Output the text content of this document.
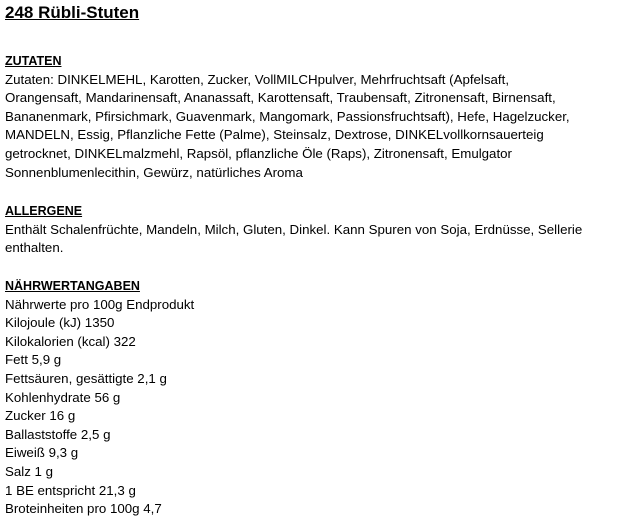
248 Rübli-Stuten
ZUTATEN
Zutaten: DINKELMEHL, Karotten, Zucker, VollMILCHpulver, Mehrfruchtsaft (Apfelsaft,
Orangensaft, Mandarinensaft, Ananassaft, Karottensaft, Traubensaft, Zitronensaft, Birnensaft,
Bananenmark, Pfirsichmark, Guavenmark, Mangomark, Passionsfruchtsaft), Hefe, Hagelzucker,
MANDELN, Essig, Pflanzliche Fette (Palme), Steinsalz, Dextrose, DINKELvollkornsauerteig
getrocknet, DINKELmalzmehl, Rapsöl, pflanzliche Öle (Raps), Zitronensaft, Emulgator
Sonnenblumenlecithin, Gewürz, natürliches Aroma
ALLERGENE
Enthält Schalenfrüchte, Mandeln, Milch, Gluten, Dinkel. Kann Spuren von Soja, Erdnüsse, Sellerie
enthalten.
NÄHRWERTANGABEN
Nährwerte pro 100g Endprodukt
Kilojoule (kJ) 1350
Kilokalorien (kcal) 322
Fett 5,9 g
Fettsäuren, gesättigte 2,1 g
Kohlenhydrate 56 g
Zucker 16 g
Ballaststoffe 2,5 g
Eiweiß 9,3 g
Salz 1 g
1 BE entspricht 21,3 g
Broteinheiten pro 100g 4,7
